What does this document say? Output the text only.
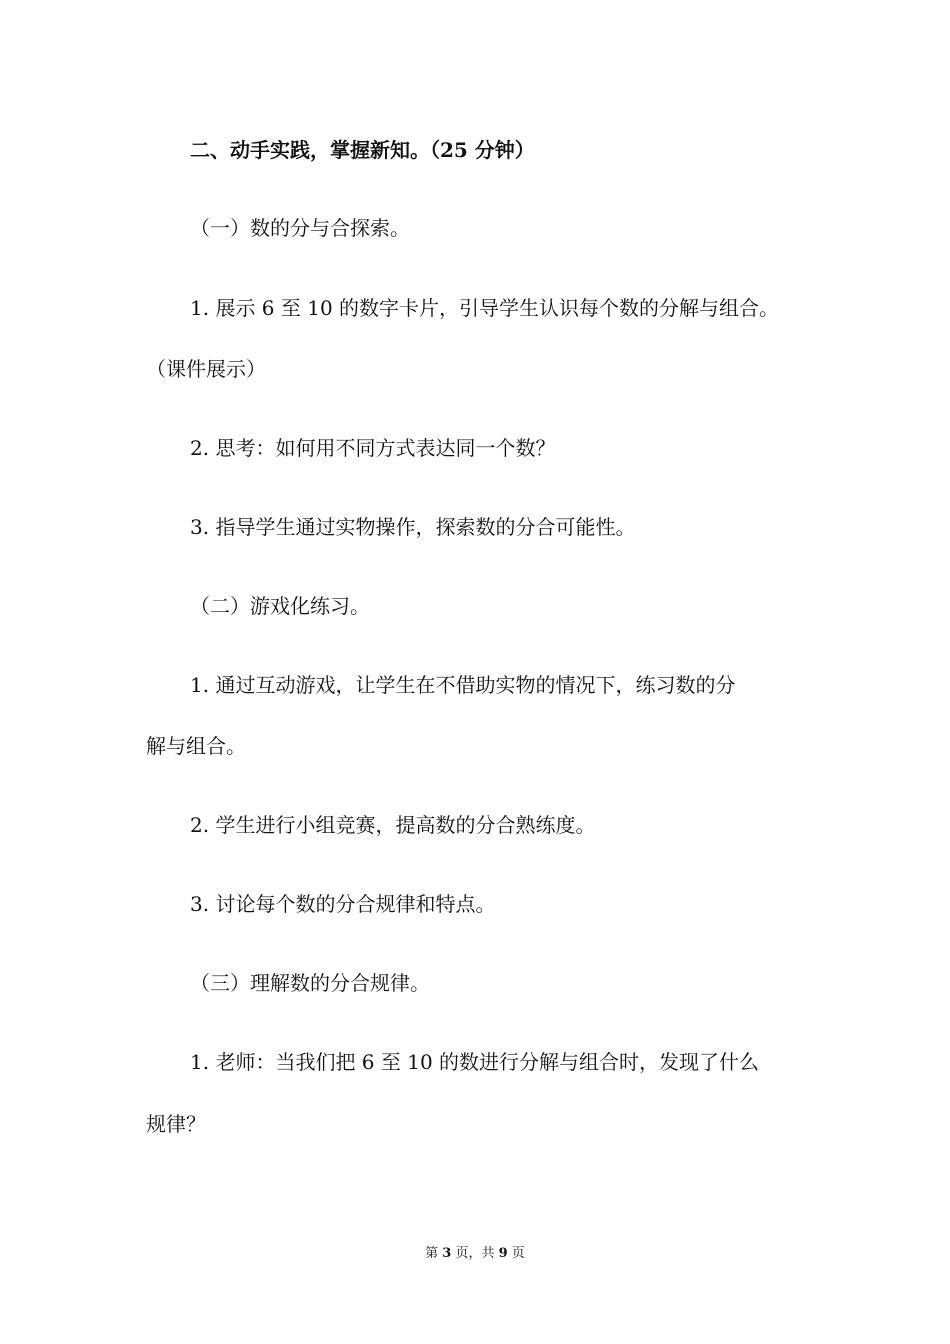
二、动手实践，掌握新知。（25 分钟）

（一）数的分与合探索。

1. 展示 6 至 10 的数字卡片，引导学生认识每个数的分解与组合。

（课件展示）

2. 思考：如何用不同方式表达同一个数？

3. 指导学生通过实物操作，探索数的分合可能性。

（二）游戏化练习。

1. 通过互动游戏，让学生在不借助实物的情况下，练习数的分

解与组合。

2. 学生进行小组竞赛，提高数的分合熟练度。

3. 讨论每个数的分合规律和特点。

（三）理解数的分合规律。

1. 老师：当我们把 6 至 10 的数进行分解与组合时，发现了什么

规律？

第 3 页，共 9 页
